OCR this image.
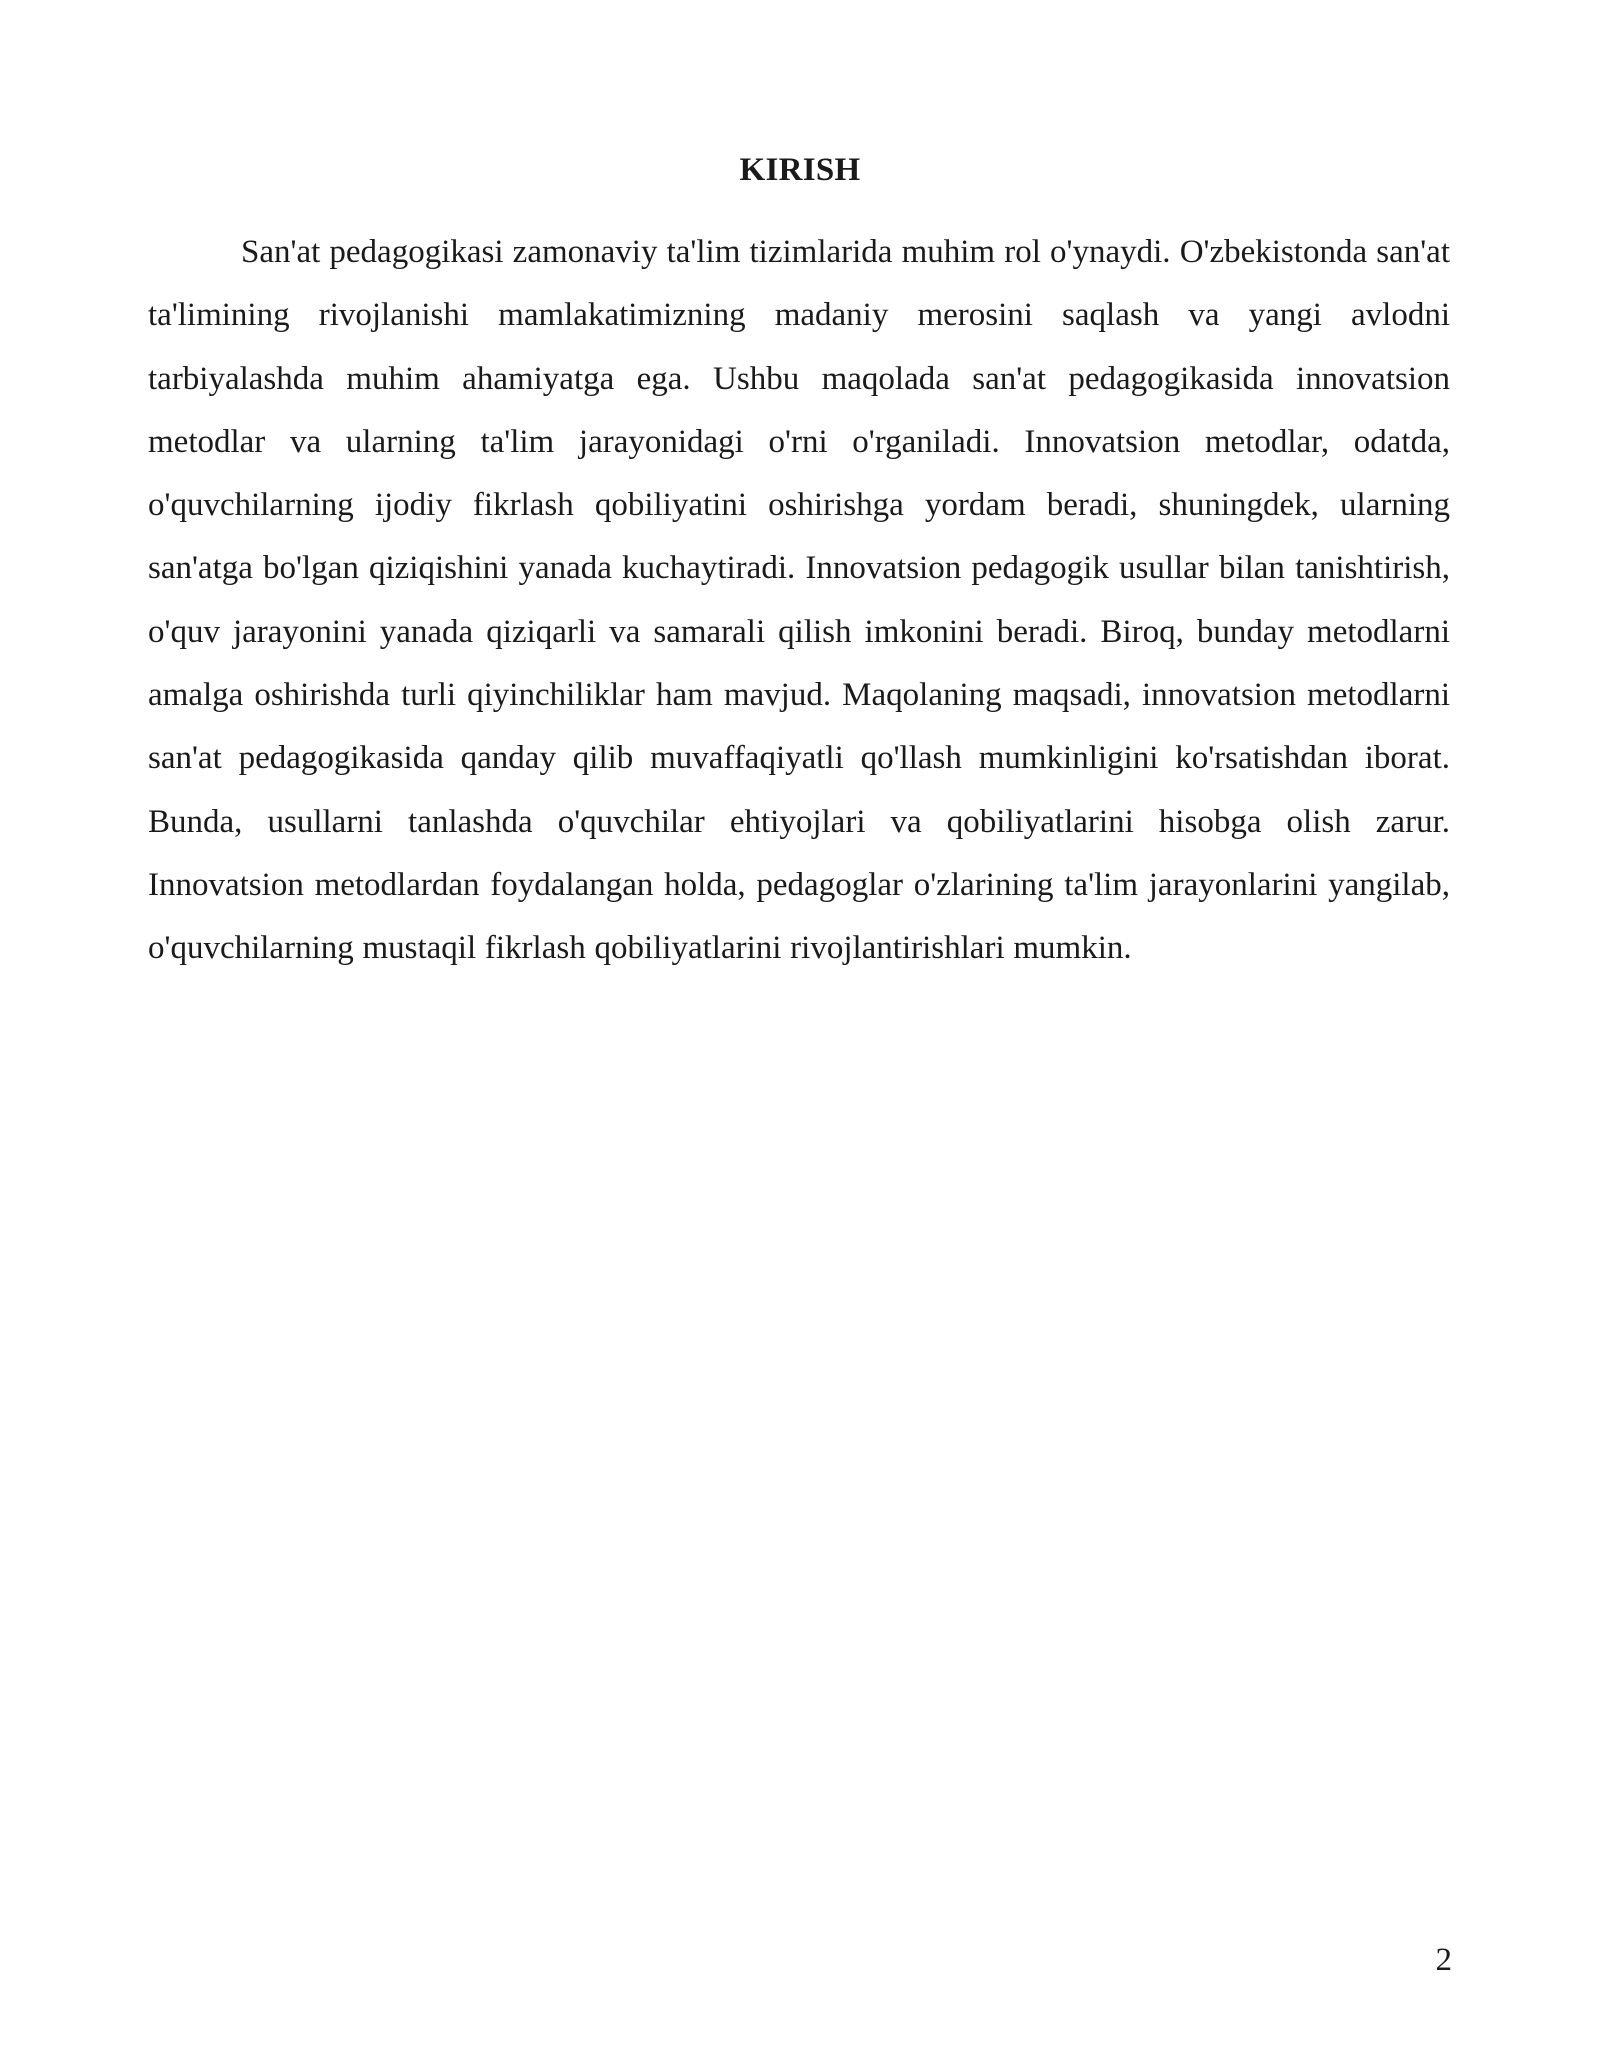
KIRISH

San'at pedagogikasi zamonaviy ta'lim tizimlarida muhim rol o'ynaydi. O'zbekistonda san'at ta'limining rivojlanishi mamlakatimizning madaniy merosini saqlash va yangi avlodni tarbiyalashda muhim ahamiyatga ega. Ushbu maqolada san'at pedagogikasida innovatsion metodlar va ularning ta'lim jarayonidagi o'rni o'rganiladi. Innovatsion metodlar, odatda, o'quvchilarning ijodiy fikrlash qobiliyatini oshirishga yordam beradi, shuningdek, ularning san'atga bo'lgan qiziqishini yanada kuchaytiradi. Innovatsion pedagogik usullar bilan tanishtirish, o'quv jarayonini yanada qiziqarli va samarali qilish imkonini beradi. Biroq, bunday metodlarni amalga oshirishda turli qiyinchiliklar ham mavjud. Maqolaning maqsadi, innovatsion metodlarni san'at pedagogikasida qanday qilib muvaffaqiyatli qo'llash mumkinligini ko'rsatishdan iborat. Bunda, usullarni tanlashda o'quvchilar ehtiyojlari va qobiliyatlarini hisobga olish zarur. Innovatsion metodlardan foydalangan holda, pedagoglar o'zlarining ta'lim jarayonlarini yangilab, o'quvchilarning mustaqil fikrlash qobiliyatlarini rivojlantirishlari mumkin.

2
